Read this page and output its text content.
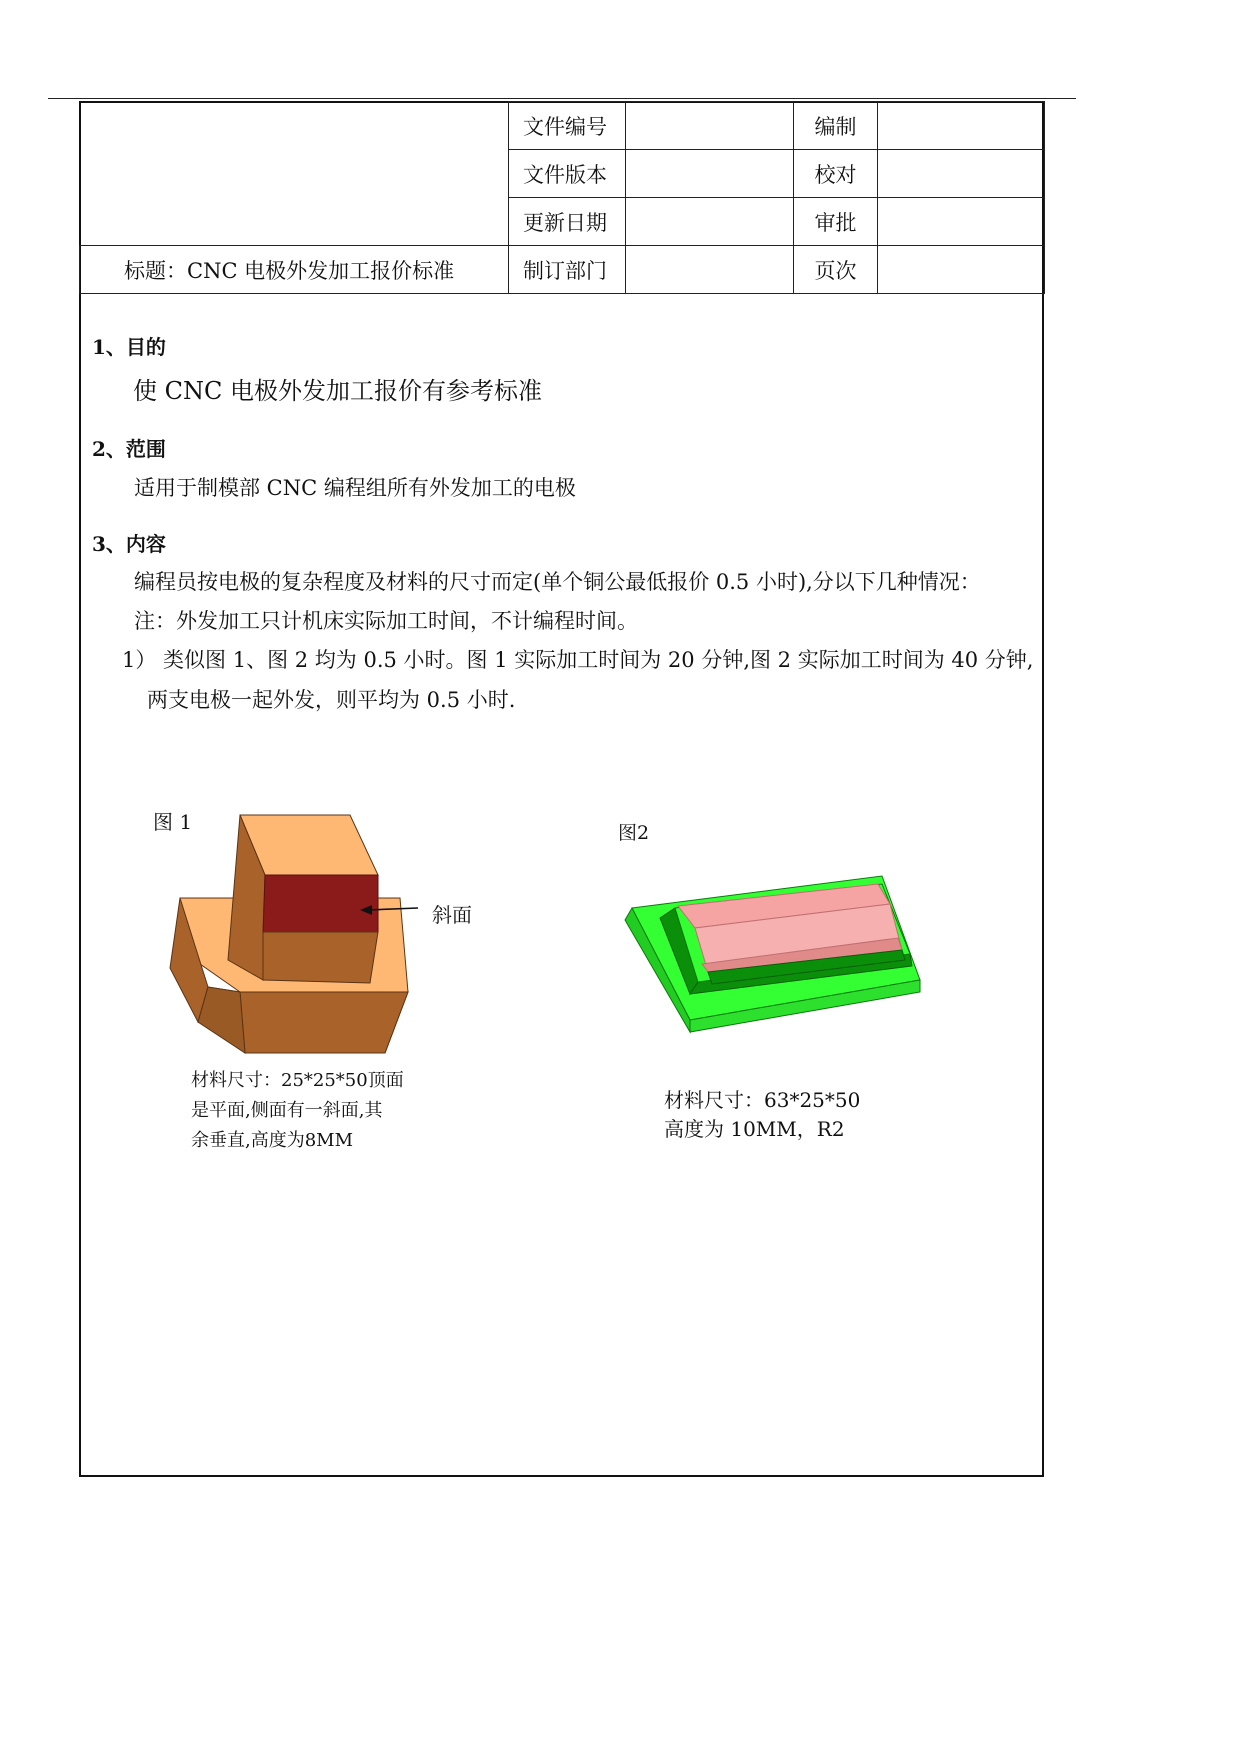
	文件编号		编制	
	文件版本		校对	
	更新日期		审批	
标题：CNC 电极外发加工报价标准	制订部门		页次	
1、目的
使 CNC 电极外发加工报价有参考标准
2、范围
适用于制模部 CNC 编程组所有外发加工的电极
3、内容
编程员按电极的复杂程度及材料的尺寸而定(单个铜公最低报价 0.5 小时),分以下几种情况：
注：外发加工只计机床实际加工时间，不计编程时间。
1） 类似图 1、图 2 均为 0.5 小时。图 1 实际加工时间为 20 分钟,图 2 实际加工时间为 40 分钟,
两支电极一起外发，则平均为 0.5 小时.
图 1
斜面
材料尺寸：25*25*50顶面
是平面,侧面有一斜面,其
余垂直,高度为8MM
图2
材料尺寸：63*25*50
高度为 10MM，R2
